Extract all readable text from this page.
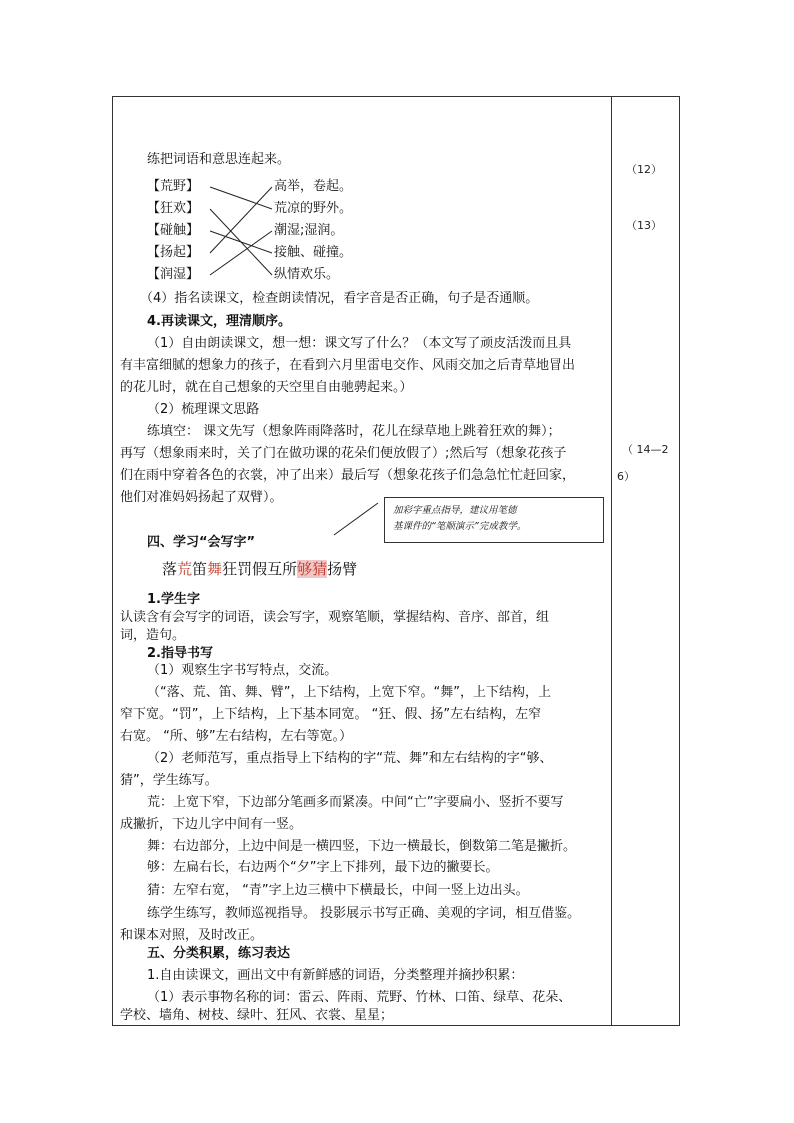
（12）
（13）
（ 14—2
6）
练把词语和意思连起来。
【荒野】
【狂欢】
【碰触】
【扬起】
【润湿】
高举，卷起。
荒凉的野外。
潮湿;湿润。
接触、碰撞。
纵情欢乐。
（4）指名读课文，检查朗读情况，看字音是否正确，句子是否通顺。
4.再读课文，理清顺序。
（1）自由朗读课文，想一想：课文写了什么？（本文写了顽皮活泼而且具
有丰富细腻的想象力的孩子，在看到六月里雷电交作、风雨交加之后青草地冒出
的花儿时，就在自己想象的天空里自由驰骋起来。）
（2）梳理课文思路
练填空： 课文先写（想象阵雨降落时，花儿在绿草地上跳着狂欢的舞）；
再写（想象雨来时，关了门在做功课的花朵们便放假了）;然后写（想象花孩子
们在雨中穿着各色的衣裳，冲了出来）最后写（想象花孩子们急急忙忙赶回家，
他们对准妈妈扬起了双臂）。
加彩字重点指导，建议用笔德
基课件的“笔顺演示”完成教学。
四、学习“会写字”
落荒笛舞狂罚假互所够猜扬臂
1.学生字
认读含有会写字的词语，读会写字，观察笔顺，掌握结构、音序、部首，组
词，造句。
2.指导书写
（1）观察生字书写特点，交流。
（“落、荒、笛、舞、臂”，上下结构，上宽下窄。“舞”，上下结构，上
窄下宽。“罚”，上下结构，上下基本同宽。 “狂、假、扬”左右结构，左窄
右宽。 “所、够”左右结构，左右等宽。）
（2）老师范写，重点指导上下结构的字“荒、舞”和左右结构的字“够、
猜”，学生练写。
荒：上宽下窄，下边部分笔画多而紧凑。中间“亡”字要扁小、竖折不要写
成撇折，下边儿字中间有一竖。
舞：右边部分，上边中间是一横四竖，下边一横最长，倒数第二笔是撇折。
够：左扁右长，右边两个“夕”字上下排列，最下边的撇要长。
猜：左窄右宽， “青”字上边三横中下横最长，中间一竖上边出头。
练学生练写，教师巡视指导。 投影展示书写正确、美观的字词，相互借鉴。
和课本对照，及时改正。
五、分类积累，练习表达
1.自由读课文，画出文中有新鲜感的词语，分类整理并摘抄积累：
（1）表示事物名称的词：雷云、阵雨、荒野、竹林、口笛、绿草、花朵、
学校、墙角、树枝、绿叶、狂风、衣裳、星星；
